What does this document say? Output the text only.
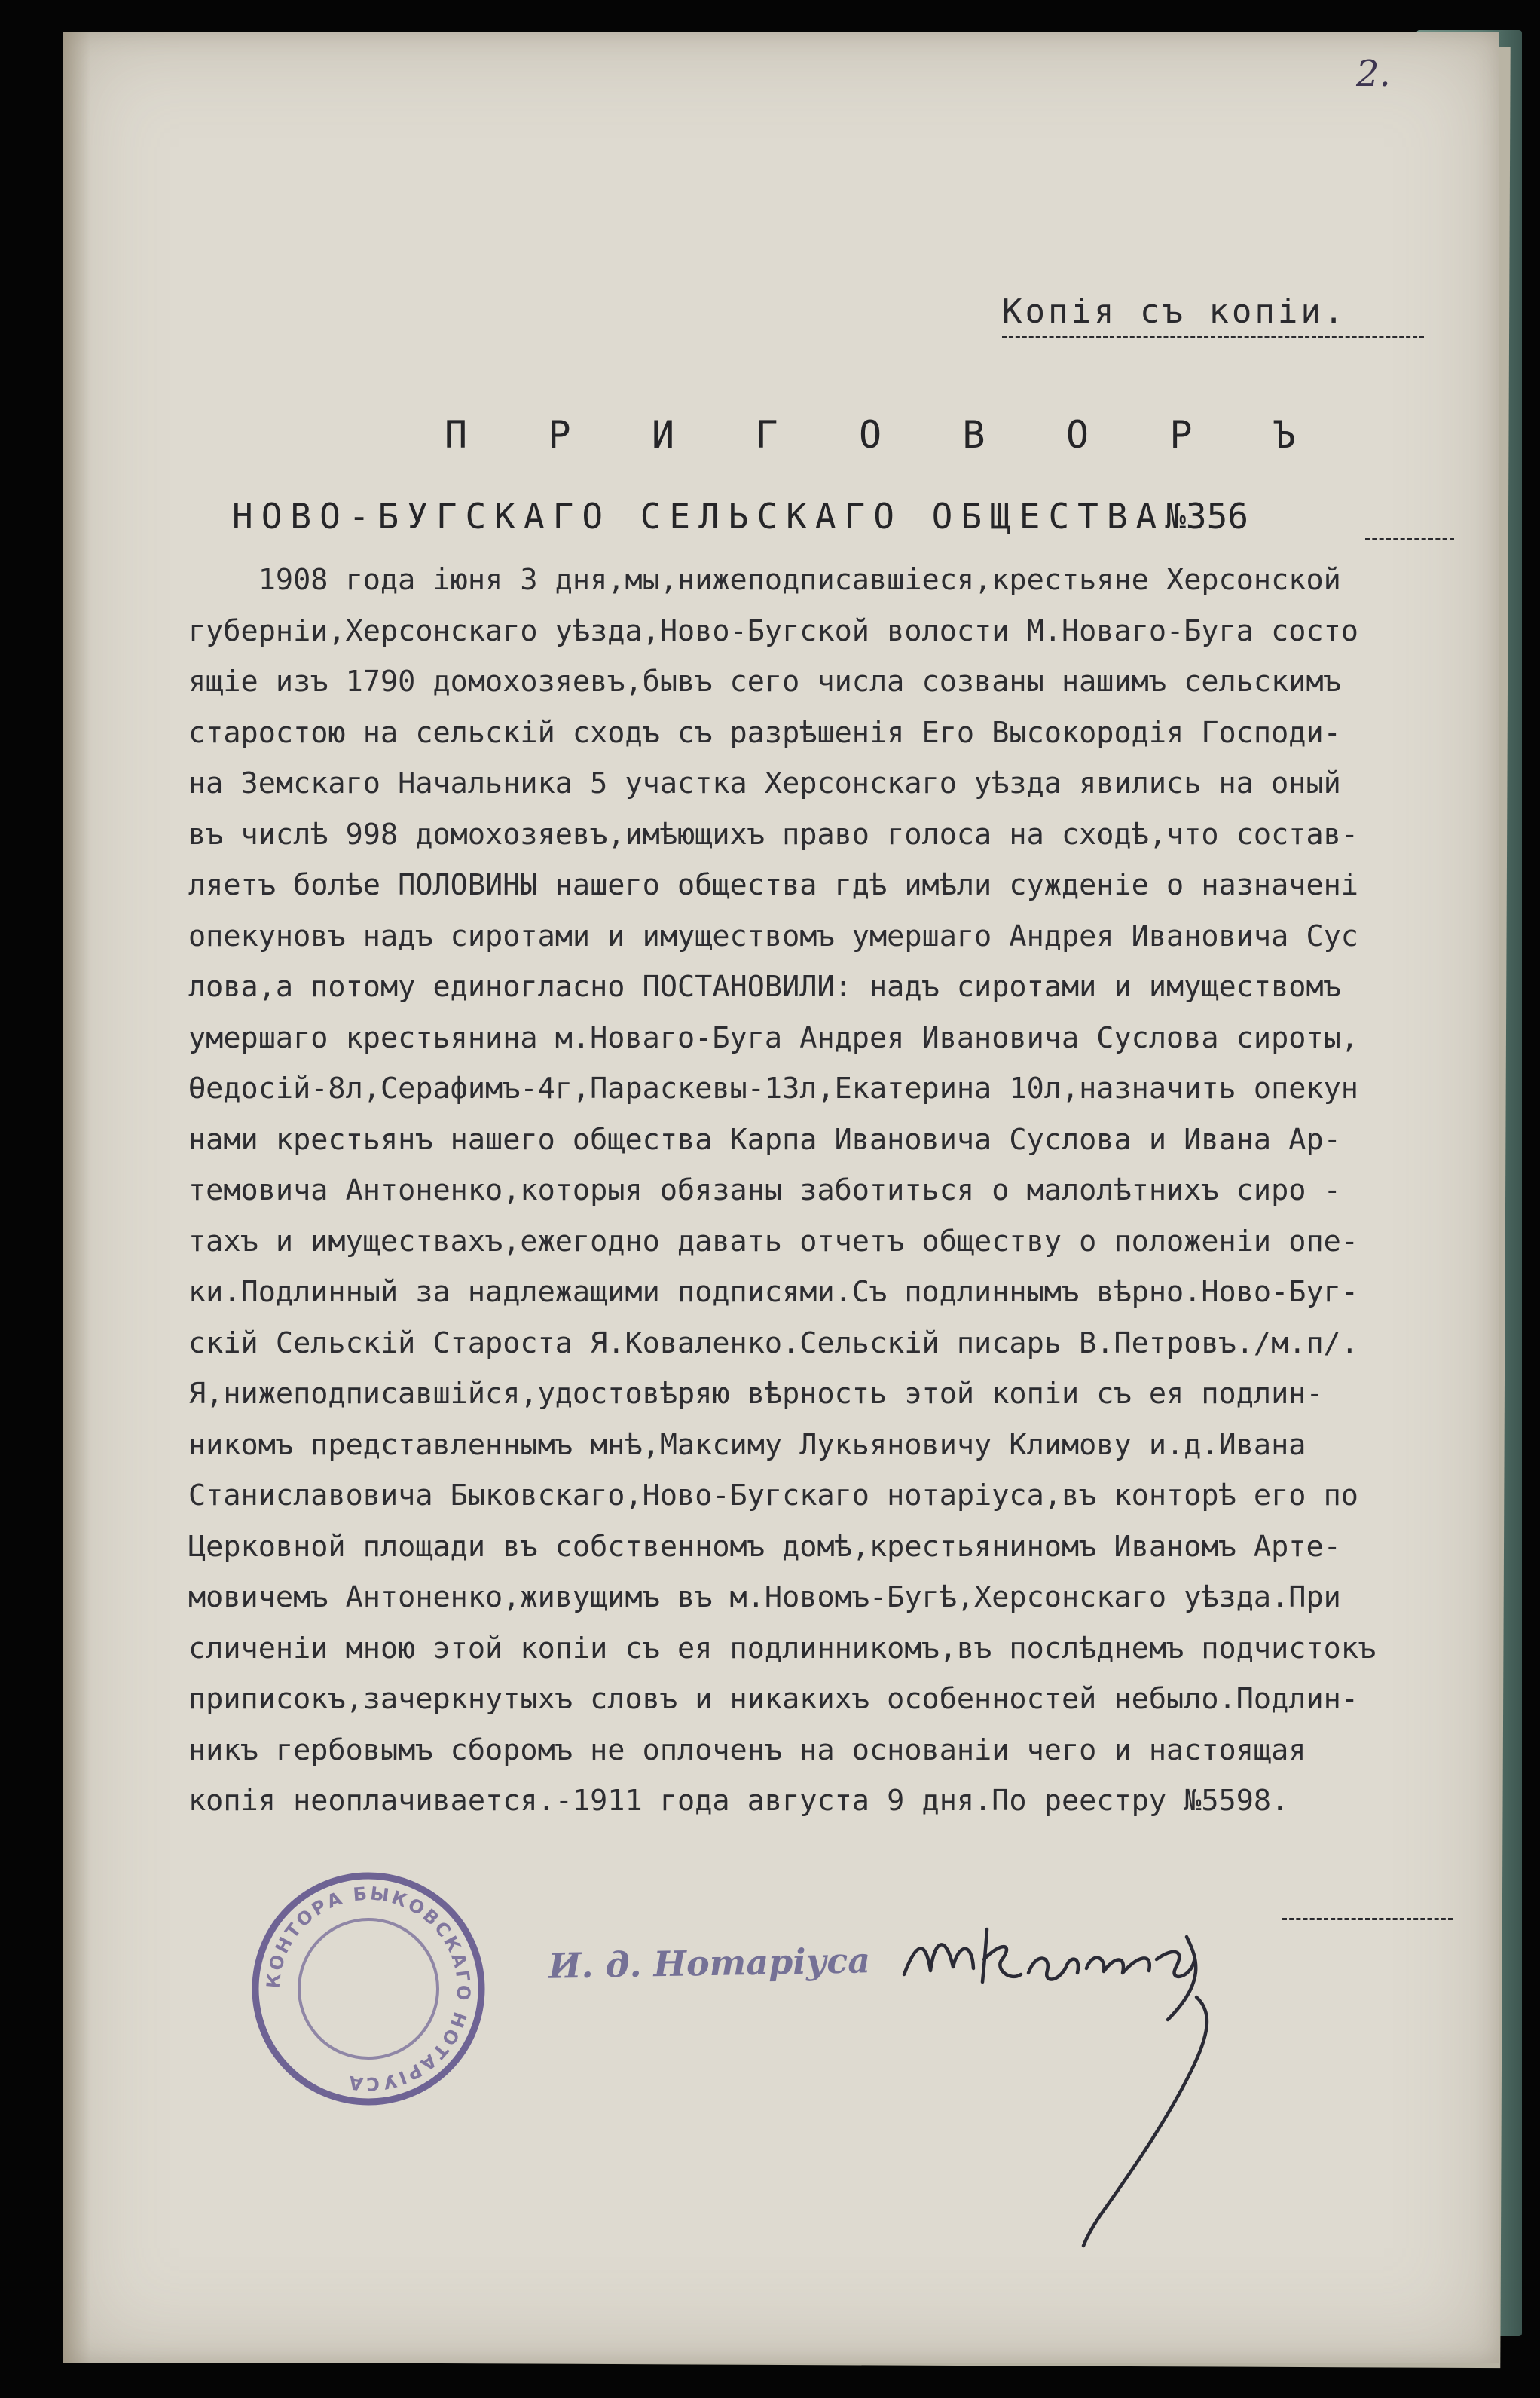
2.
Копія съ копіи.
П Р И Г О В О Р Ъ
НОВО-БУГСКАГО СЕЛЬСКАГО ОБЩЕСТВА№356
1908 года іюня 3 дня,мы,нижеподписавшіеся,крестьяне Херсонской
губерніи,Херсонскаго уѣзда,Ново-Бугской волости М.Новаго-Буга состо
ящіе изъ 1790 домохозяевъ,бывъ сего числа созваны нашимъ сельскимъ
старостою на сельскій сходъ съ разрѣшенія Его Высокородія Господи-
на Земскаго Начальника 5 участка Херсонскаго уѣзда явились на оный
въ числѣ 998 домохозяевъ,имѣющихъ право голоса на сходѣ,что состав-
ляетъ болѣе ПОЛОВИНЫ нашего общества гдѣ имѣли сужденіе о назначені
опекуновъ надъ сиротами и имуществомъ умершаго Андрея Ивановича Сус
лова,а потому единогласно ПОСТАНОВИЛИ: надъ сиротами и имуществомъ
умершаго крестьянина м.Новаго-Буга Андрея Ивановича Суслова сироты,
Ѳедосій-8л,Серафимъ-4г,Параскевы-13л,Екатерина 10л,назначить опекун
нами крестьянъ нашего общества Карпа Ивановича Суслова и Ивана Ар-
темовича Антоненко,которыя обязаны заботиться о малолѣтнихъ сиро -
тахъ и имуществахъ,ежегодно давать отчетъ обществу о положеніи опе-
ки.Подлинный за надлежащими подписями.Съ подлиннымъ вѣрно.Ново-Буг-
скій Сельскій Староста Я.Коваленко.Сельскій писарь В.Петровъ./м.п/.
Я,нижеподписавшійся,удостовѣряю вѣрность этой копіи съ ея подлин-
никомъ представленнымъ мнѣ,Максиму Лукьяновичу Климову и.д.Ивана
Станиславовича Быковскаго,Ново-Бугскаго нотаріуса,въ конторѣ его по
Церковной площади въ собственномъ домѣ,крестьяниномъ Иваномъ Арте-
мовичемъ Антоненко,живущимъ въ м.Новомъ-Бугѣ,Херсонскаго уѣзда.При
сличеніи мною этой копіи съ ея подлинникомъ,въ послѣднемъ подчистокъ
приписокъ,зачеркнутыхъ словъ и никакихъ особенностей небыло.Подлин-
никъ гербовымъ сборомъ не оплоченъ на основаніи чего и настоящая
копія неоплачивается.-1911 года августа 9 дня.По реестру №5598.
КОНТОРА БЫКОВСКАГО НОТАРІУСА
И. д. Нотаріуса
